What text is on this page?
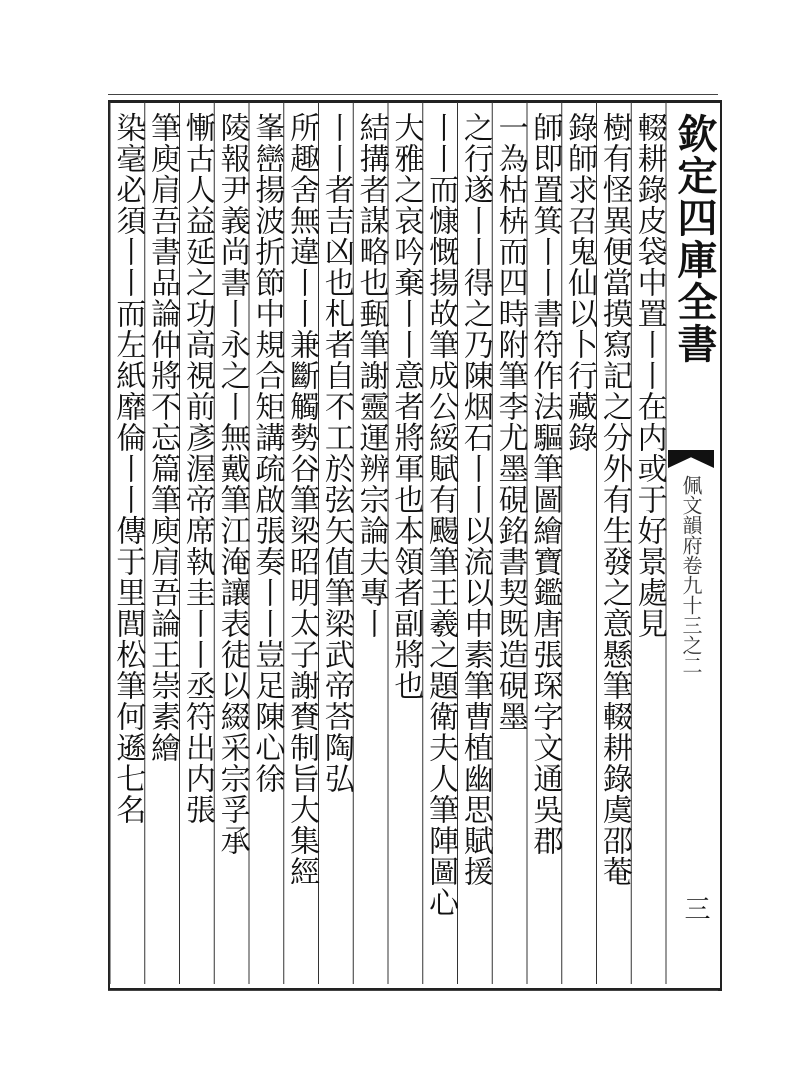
欽定四庫全書
佩文韻府卷九十三之二
三
輟耕錄皮袋中置丨丨在内或于好景處見
樹有怪異便當摸寫記之分外有生發之意懸筆輟耕錄虞邵菴
錄師求召鬼仙以卜行藏錄
師即置箕丨丨書符作法驅筆圖繪寶鑑唐張琛字文通吳郡
一為枯枿而四時附筆李尤墨硯銘書契既造硯墨
之行遂丨丨得之乃陳烟石丨丨以流以申素筆曹植幽思賦援
丨丨而慷慨揚故筆成公綏賦有颺筆王羲之題衛夫人筆陣圖心
大雅之哀吟棄丨丨意者將軍也本領者副將也
結搆者謀略也甀筆謝靈運辨宗論夫專丨
丨丨者吉凶也札者自不工於弦矢值筆梁武帝荅陶弘
所趣舍無違丨丨兼斷觸勢谷筆梁昭明太子謝賚制旨大集經
峯巒揚波折節中規合矩講疏啟張奏丨丨豈足陳心徐
陵報尹義尚書丨永之丨無戴筆江淹讓表徒以綴采宗孚承
慚古人益延之功高視前彥渥帝席執圭丨丨丞符出内張
筆庾肩吾書品論仲將不忘篇筆庾肩吾論王崇素繪
染毫必須丨丨而左紙靡倫丨丨傳于里閭松筆何遜七名
